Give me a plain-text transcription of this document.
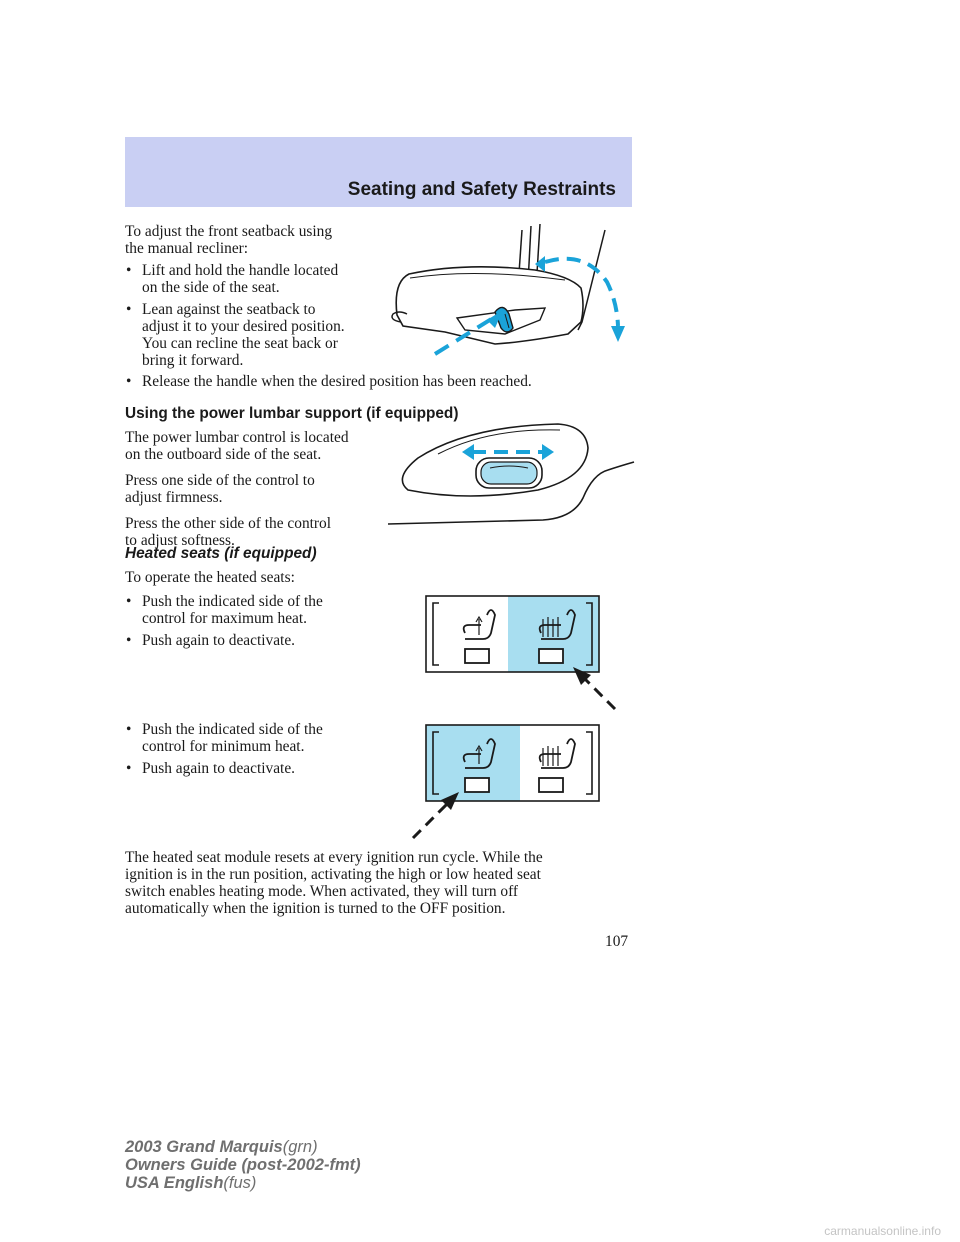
Seating and Safety Restraints

To adjust the front seatback using

the manual recliner:

• Lift and hold the handle located
on the side of the seat.
• Lean against the seatback to
adjust it to your desired position.
You can recline the seat back or
bring it forward.
• Release the handle when the desired position has been reached.
Using the power lumbar support (if equipped)
The power lumbar control is located
on the outboard side of the seat.
Press one side of the control to
adjust firmness.
Press the other side of the control
to adjust softness.
Heated seats (if equipped)
To operate the heated seats:
• Push the indicated side of the
control for maximum heat.
• Push again to deactivate.
• Push the indicated side of the
control for minimum heat.
• Push again to deactivate.
The heated seat module resets at every ignition run cycle. While the
ignition is in the run position, activating the high or low heated seat
switch enables heating mode. When activated, they will turn off
automatically when the ignition is turned to the OFF position.
107
2003 Grand Marquis(grn)
Owners Guide (post-2002-fmt)
USA English(fus)
carmanualsonline.info
